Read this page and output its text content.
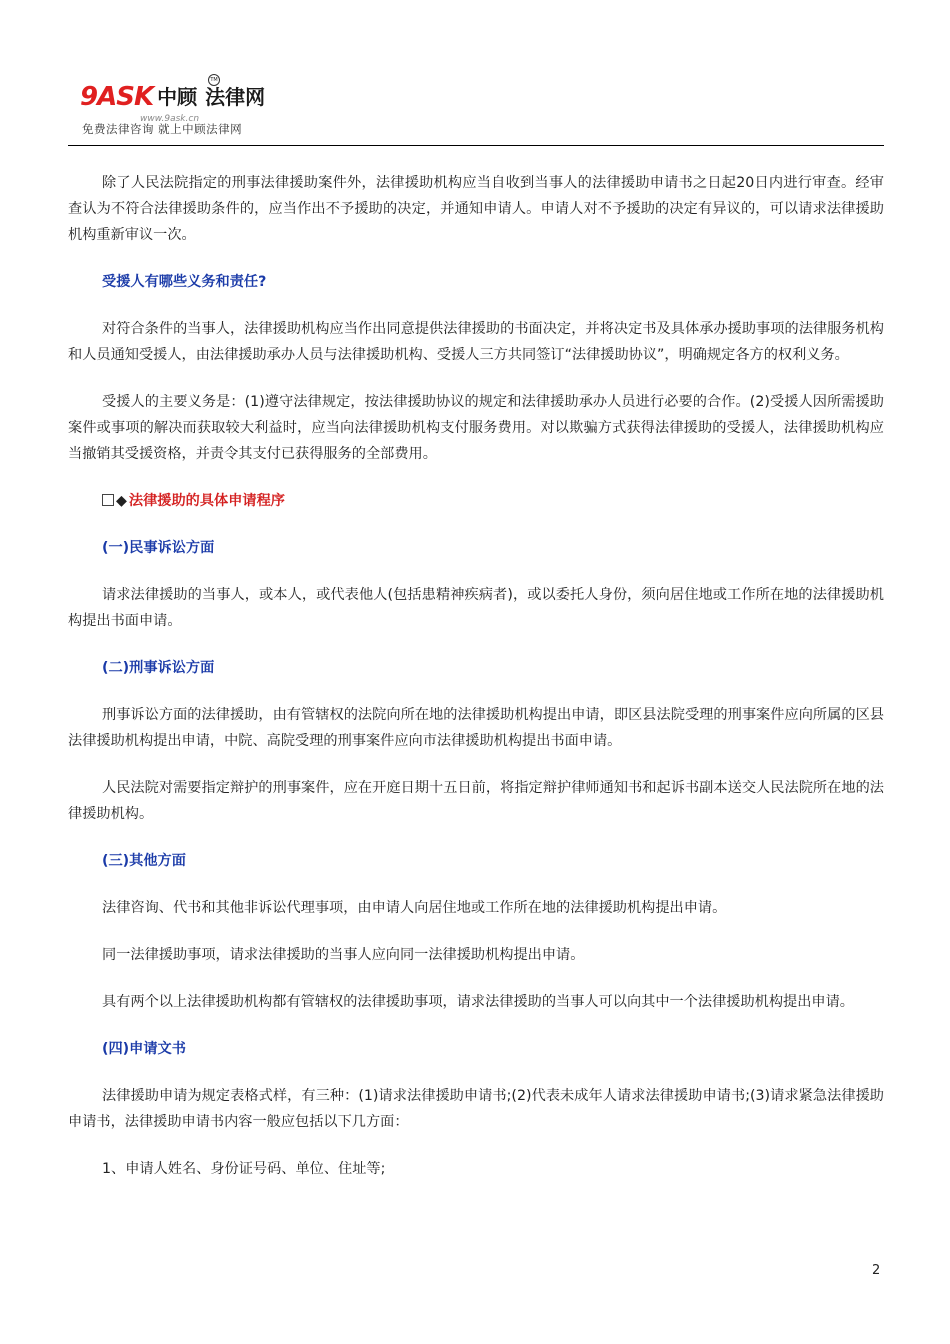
9ASK 中顾 法律网
TM
www.9ask.cn
免费法律咨询 就上中顾法律网

除了人民法院指定的刑事法律援助案件外，法律援助机构应当自收到当事人的法律援助申请书之日起20日内进行审查。经审查认为不符合法律援助条件的，应当作出不予援助的决定，并通知申请人。申请人对不予援助的决定有异议的，可以请求法律援助机构重新审议一次。

受援人有哪些义务和责任?

对符合条件的当事人，法律援助机构应当作出同意提供法律援助的书面决定，并将决定书及具体承办援助事项的法律服务机构和人员通知受援人，由法律援助承办人员与法律援助机构、受援人三方共同签订“法律援助协议”，明确规定各方的权利义务。

受援人的主要义务是：(1)遵守法律规定，按法律援助协议的规定和法律援助承办人员进行必要的合作。(2)受援人因所需援助案件或事项的解决而获取较大利益时，应当向法律援助机构支付服务费用。对以欺骗方式获得法律援助的受援人，法律援助机构应当撤销其受援资格，并责令其支付已获得服务的全部费用。

◆ 法律援助的具体申请程序
(一)民事诉讼方面

请求法律援助的当事人，或本人，或代表他人(包括患精神疾病者)，或以委托人身份，须向居住地或工作所在地的法律援助机构提出书面申请。

(二)刑事诉讼方面

刑事诉讼方面的法律援助，由有管辖权的法院向所在地的法律援助机构提出申请，即区县法院受理的刑事案件应向所属的区县法律援助机构提出申请，中院、高院受理的刑事案件应向市法律援助机构提出书面申请。

人民法院对需要指定辩护的刑事案件，应在开庭日期十五日前，将指定辩护律师通知书和起诉书副本送交人民法院所在地的法律援助机构。

(三)其他方面

法律咨询、代书和其他非诉讼代理事项，由申请人向居住地或工作所在地的法律援助机构提出申请。

同一法律援助事项，请求法律援助的当事人应向同一法律援助机构提出申请。

具有两个以上法律援助机构都有管辖权的法律援助事项，请求法律援助的当事人可以向其中一个法律援助机构提出申请。

(四)申请文书

法律援助申请为规定表格式样，有三种：(1)请求法律援助申请书;(2)代表未成年人请求法律援助申请书;(3)请求紧急法律援助申请书，法律援助申请书内容一般应包括以下几方面：

1、申请人姓名、身份证号码、单位、住址等;

2
